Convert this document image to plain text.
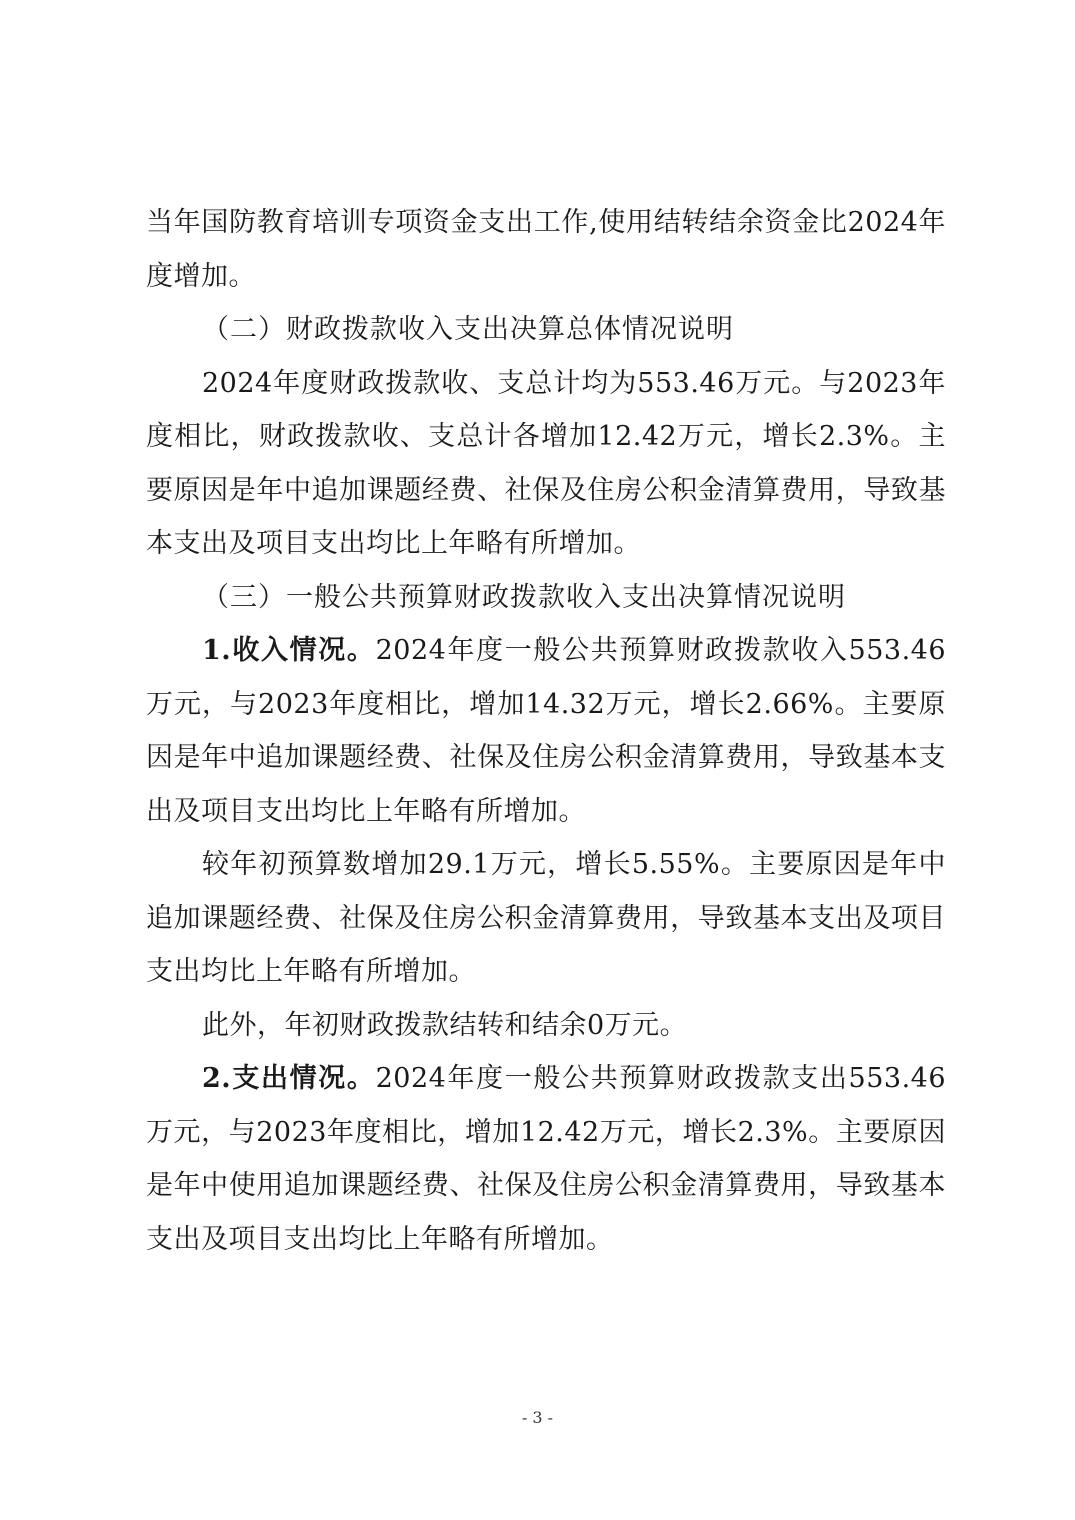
当年国防教育培训专项资金支出工作,使用结转结余资金比2024年度增加。

（二）财政拨款收入支出决算总体情况说明

2024年度财政拨款收、支总计均为553.46万元。与2023年度相比，财政拨款收、支总计各增加12.42万元，增长2.3%。主要原因是年中追加课题经费、社保及住房公积金清算费用，导致基本支出及项目支出均比上年略有所增加。

（三）一般公共预算财政拨款收入支出决算情况说明

1.收入情况。2024年度一般公共预算财政拨款收入553.46万元，与2023年度相比，增加14.32万元，增长2.66%。主要原因是年中追加课题经费、社保及住房公积金清算费用，导致基本支出及项目支出均比上年略有所增加。

较年初预算数增加29.1万元，增长5.55%。主要原因是年中追加课题经费、社保及住房公积金清算费用，导致基本支出及项目支出均比上年略有所增加。

此外，年初财政拨款结转和结余0万元。

2.支出情况。2024年度一般公共预算财政拨款支出553.46万元，与2023年度相比，增加12.42万元，增长2.3%。主要原因是年中使用追加课题经费、社保及住房公积金清算费用，导致基本支出及项目支出均比上年略有所增加。

- 3 -
